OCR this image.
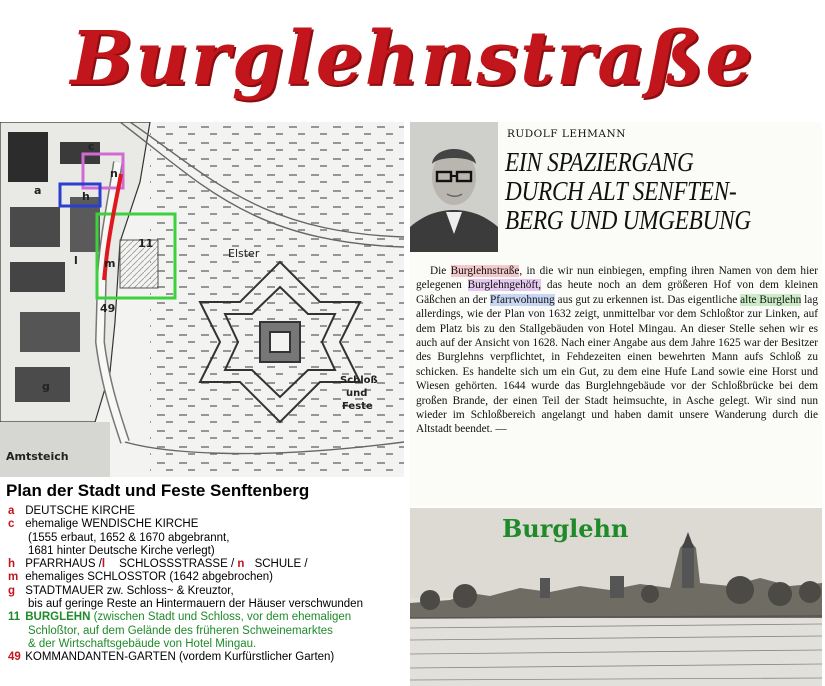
Burglehnstraße
c
a	h
n
l m
g
11
49
Elster
Schloß
und
Feste
Amtsteich
Plan der Stadt und Feste Senftenberg
a DEUTSCHE KIRCHE
c ehemalige WENDISCHE KIRCHE
(1555 erbaut, 1652 & 1670 abgebrannt,
1681 hinter Deutsche Kirche verlegt)
h PFARRHAUS /l SCHLOSSSTRASSE / n SCHULE /
m ehemaliges SCHLOSSTOR (1642 abgebrochen)
g STADTMAUER zw. Schloss~ & Kreuztor,
bis auf geringe Reste an Hintermauern der Häuser verschwunden
11 BURGLEHN (zwischen Stadt und Schloss, vor dem ehemaligen
Schloßtor, auf dem Gelände des früheren Schweinemarktes
& der Wirtschaftsgebäude von Hotel Mingau.
49 KOMMANDANTEN-GARTEN (vordem Kurfürstlicher Garten)
RUDOLF LEHMANN
EIN SPAZIERGANG
DURCH ALT SENFTEN-
BERG UND UMGEBUNG
Die Burglehnstraße, in die wir nun einbiegen, empfing ihren Namen von dem hier gelegenen Burglehngehöft, das heute noch an dem größeren Hof von dem kleinen Gäßchen an der Pfarrwohnung aus gut zu erkennen ist. Das eigentliche alte Burglehn lag allerdings, wie der Plan von 1632 zeigt, unmittelbar vor dem Schloßtor zur Linken, auf dem Platz bis zu den Stallgebäuden von Hotel Mingau. An dieser Stelle sehen wir es auch auf der Ansicht von 1628. Nach einer Angabe aus dem Jahre 1625 war der Besitzer des Burglehns verpflichtet, in Fehdezeiten einen bewehrten Mann aufs Schloß zu schicken. Es handelte sich um ein Gut, zu dem eine Hufe Land sowie eine Horst und Wiesen gehörten. 1644 wurde das Burglehngebäude vor der Schloßbrücke bei dem großen Brande, der einen Teil der Stadt heimsuchte, in Asche gelegt. Wir sind nun wieder im Schloßbereich angelangt und haben damit unsere Wanderung durch die Altstadt beendet. —
Burglehn
